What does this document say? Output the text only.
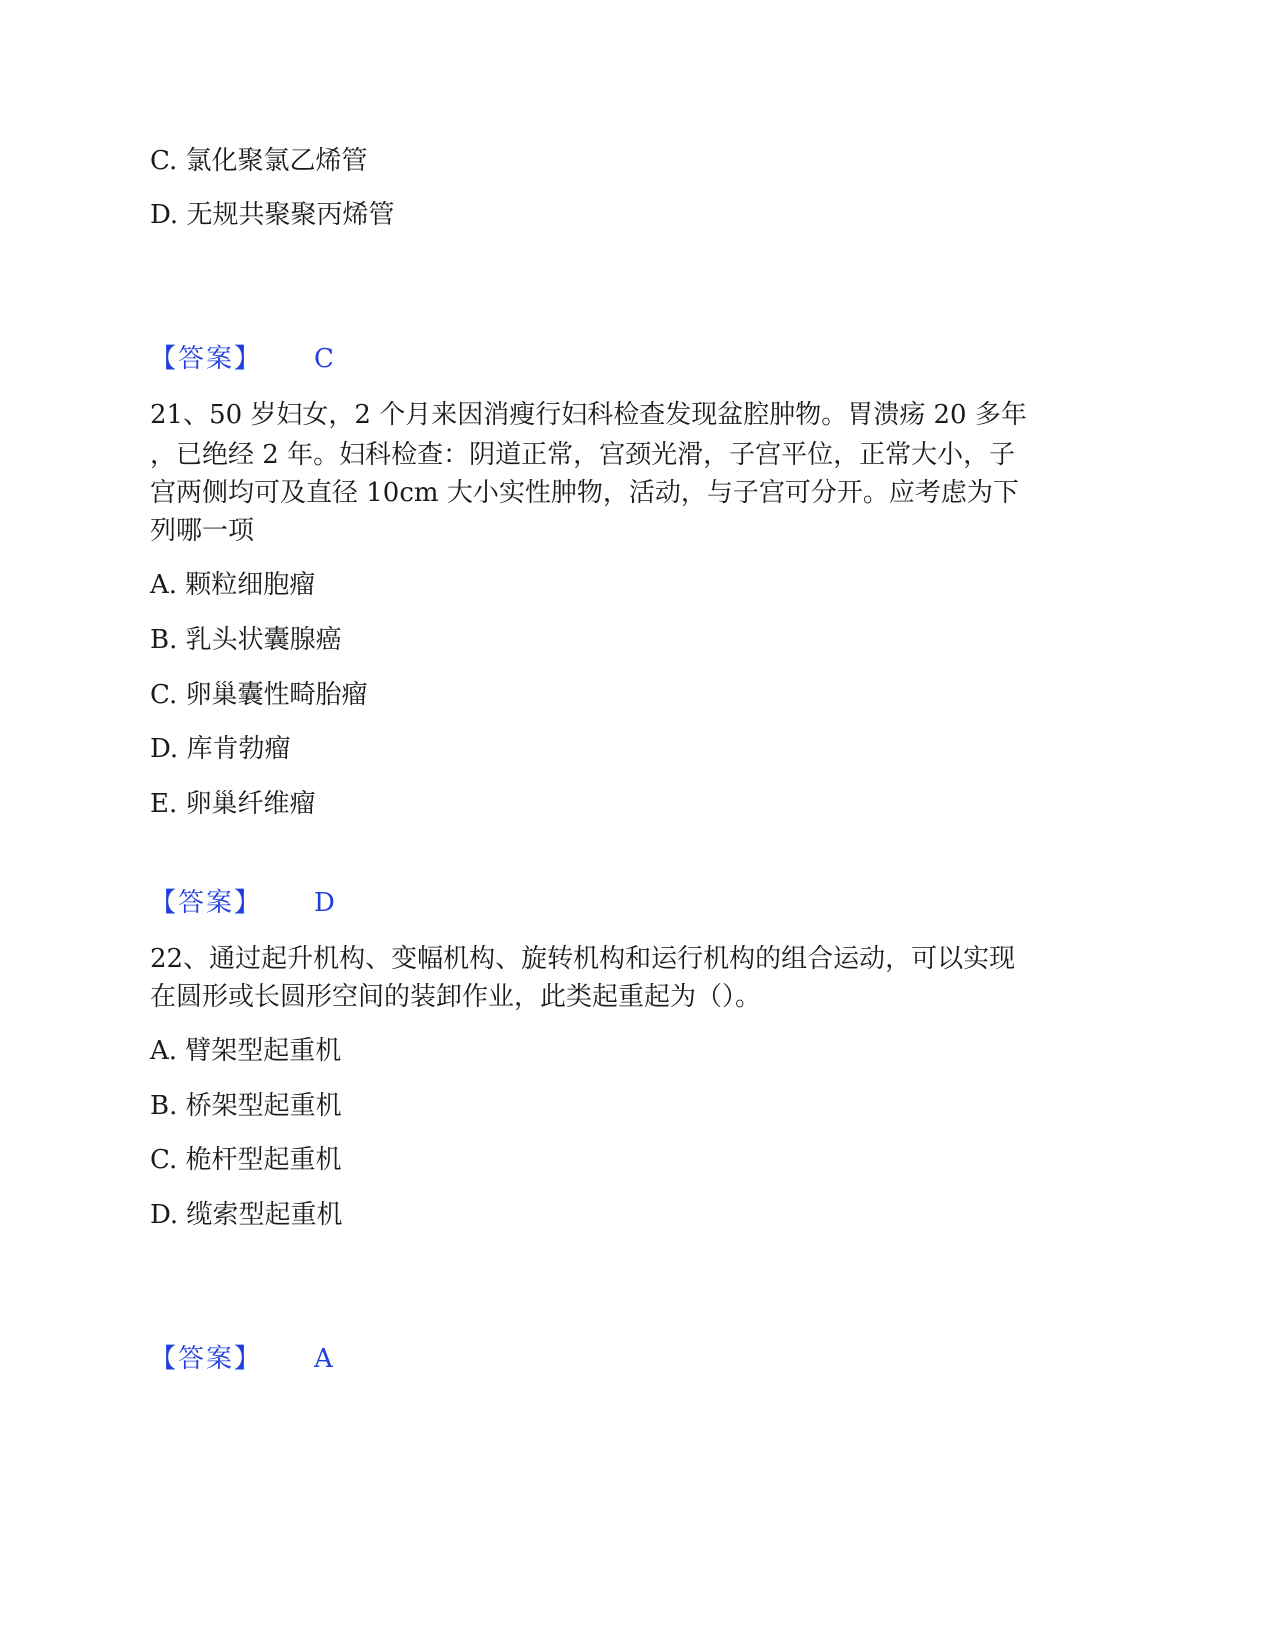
C. 氯化聚氯乙烯管
D. 无规共聚聚丙烯管
【答案】 C
21、50 岁妇女，2 个月来因消瘦行妇科检查发现盆腔肿物。胃溃疡 20 多年
，已绝经 2 年。妇科检查：阴道正常，宫颈光滑，子宫平位，正常大小，子
宫两侧均可及直径 10cm 大小实性肿物，活动，与子宫可分开。应考虑为下
列哪一项
A. 颗粒细胞瘤
B. 乳头状囊腺癌
C. 卵巢囊性畸胎瘤
D. 库肯勃瘤
E. 卵巢纤维瘤
【答案】 D
22、通过起升机构、变幅机构、旋转机构和运行机构的组合运动，可以实现
在圆形或长圆形空间的装卸作业，此类起重起为（）。
A. 臂架型起重机
B. 桥架型起重机
C. 桅杆型起重机
D. 缆索型起重机
【答案】 A
